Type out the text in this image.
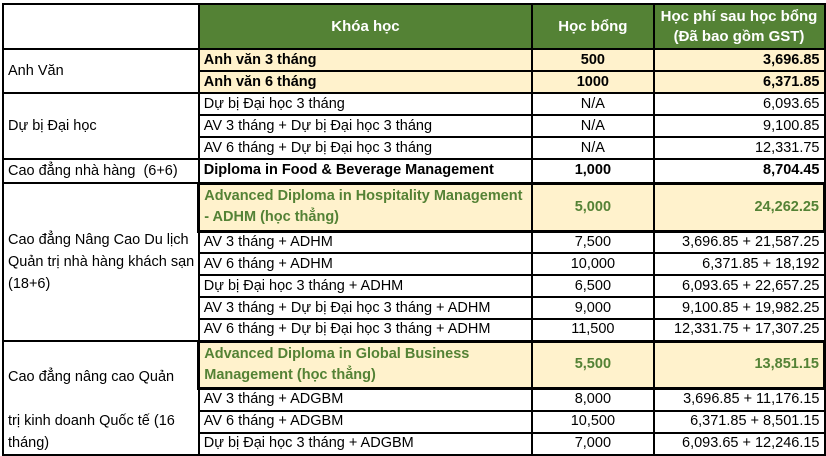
	Khóa học	Học bổng	Học phí sau học bổng
(Đã bao gồm GST)
Anh Văn	Anh văn 3 tháng	500	3,696.85
	Anh văn 6 tháng	1000	6,371.85
Dự bị Đại học	Dự bị Đại học 3 tháng	N/A	6,093.65
	AV 3 tháng + Dự bị Đại học 3 tháng	N/A	9,100.85
	AV 6 tháng + Dự bị Đại học 3 tháng	N/A	12,331.75
Cao đẳng nhà hàng  (6+6)	Diploma in Food & Beverage Management	1,000	8,704.45
Cao đẳng Nâng Cao Du lịch Quản trị nhà hàng khách sạn (18+6)	Advanced Diploma in Hospitality Management - ADHM (học thẳng)	5,000	24,262.25
	AV 3 tháng + ADHM	7,500	3,696.85 + 21,587.25
	AV 6 tháng + ADHM	10,000	6,371.85 + 18,192
	Dự bị Đại học 3 tháng + ADHM	6,500	6,093.65 + 22,657.25
	AV 3 tháng + Dự bị Đại học 3 tháng + ADHM	9,000	9,100.85 + 19,982.25
	AV 6 tháng + Dự bị Đại học 3 tháng + ADHM	11,500	12,331.75 + 17,307.25

Cao đẳng nâng cao Quản
trị kinh doanh Quốc tế (16
tháng)	Advanced Diploma in Global Business Management (học thẳng)	5,500	13,851.15
	AV 3 tháng + ADGBM	8,000	3,696.85 + 11,176.15
	AV 6 tháng + ADGBM	10,500	6,371.85 + 8,501.15
	Dự bị Đại học 3 tháng + ADGBM	7,000	6,093.65 + 12,246.15
